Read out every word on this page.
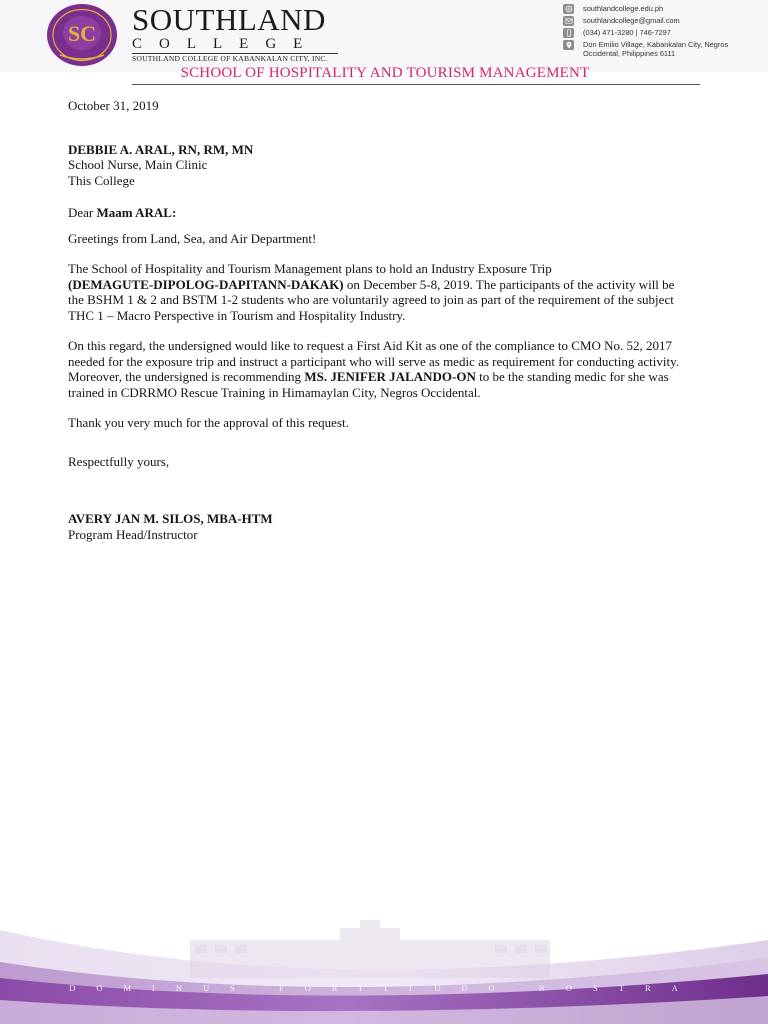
SC SOUTHLAND
COLLEGE
SOUTHLAND COLLEGE OF KABANKALAN CITY, INC.
southlandcollege.edu.ph
southlandcollege@gmail.com
(034) 471-3280 | 746-7297
Don Emilio Village, Kabankalan City, Negros Occidental, Philippines 6111
SCHOOL OF HOSPITALITY AND TOURISM MANAGEMENT

October 31, 2019

DEBBIE A. ARAL, RN, RM, MN

School Nurse, Main Clinic

This College

Dear Maam ARAL:

Greetings from Land, Sea, and Air Department!

The School of Hospitality and Tourism Management plans to hold an Industry Exposure Trip
(DEMAGUTE-DIPOLOG-DAPITANN-DAKAK) on December 5-8, 2019. The participants of the activity will be the BSHM 1 & 2 and BSTM 1-2 students who are voluntarily agreed to join as part of the requirement of the subject THC 1 – Macro Perspective in Tourism and Hospitality Industry.

On this regard, the undersigned would like to request a First Aid Kit as one of the compliance to CMO No. 52, 2017 needed for the exposure trip and instruct a participant who will serve as medic as requirement for conducting activity. Moreover, the undersigned is recommending MS. JENIFER JALANDO-ON to be the standing medic for she was trained in CDRRMO Rescue Training in Himamaylan City, Negros Occidental.

Thank you very much for the approval of this request.

Respectfully yours,

AVERY JAN M. SILOS, MBA-HTM

Program Head/Instructor

DOMINUS FORTITUDO NOSTRA
